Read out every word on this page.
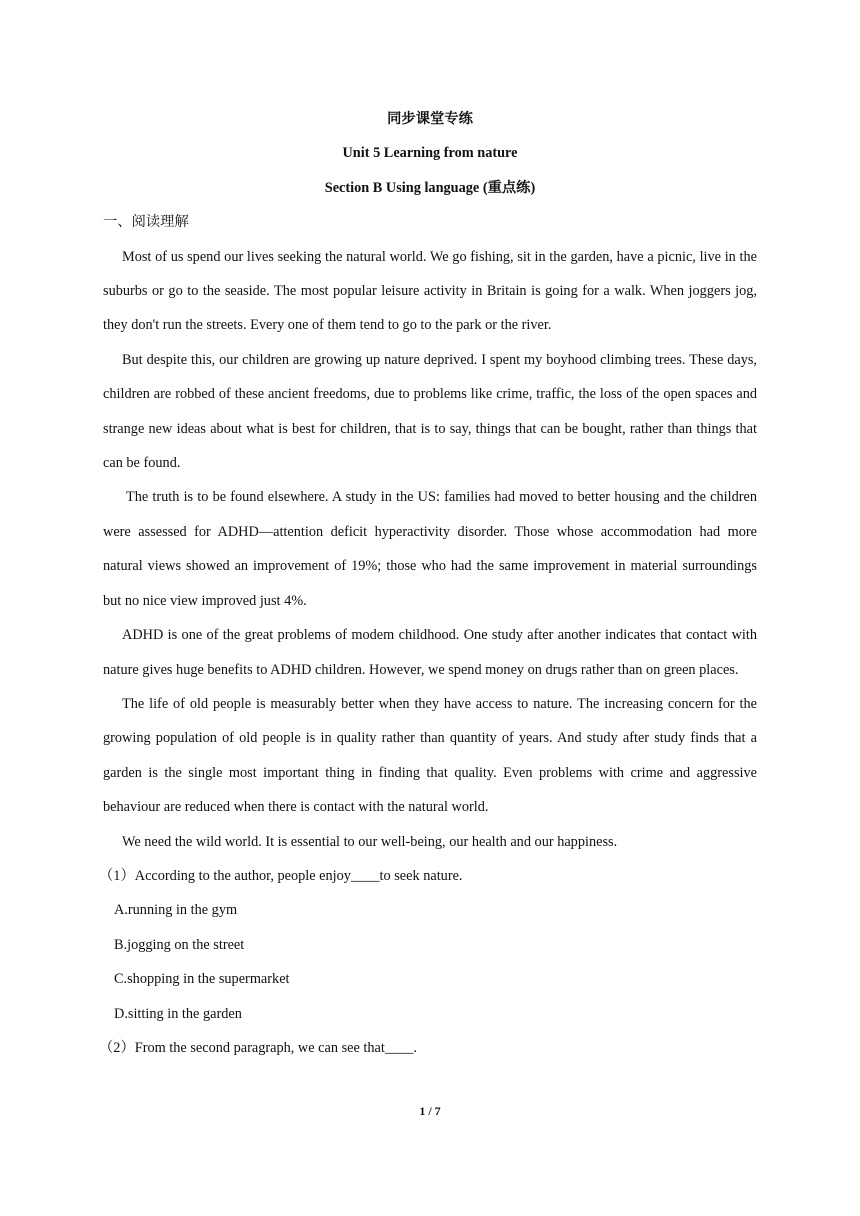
同步课堂专练
Unit 5 Learning from nature
Section B Using language (重点练)
一、阅读理解

Most of us spend our lives seeking the natural world. We go fishing, sit in the garden, have a picnic, live in the suburbs or go to the seaside. The most popular leisure activity in Britain is going for a walk. When joggers jog, they don't run the streets. Every one of them tend to go to the park or the river.

But despite this, our children are growing up nature deprived. I spent my boyhood climbing trees. These days, children are robbed of these ancient freedoms, due to problems like crime, traffic, the loss of the open spaces and strange new ideas about what is best for children, that is to say, things that can be bought, rather than things that can be found.

The truth is to be found elsewhere. A study in the US: families had moved to better housing and the children were assessed for ADHD—attention deficit hyperactivity disorder. Those whose accommodation had more natural views showed an improvement of 19%; those who had the same improvement in material surroundings but no nice view improved just 4%.

ADHD is one of the great problems of modem childhood. One study after another indicates that contact with nature gives huge benefits to ADHD children. However, we spend money on drugs rather than on green places.

The life of old people is measurably better when they have access to nature. The increasing concern for the growing population of old people is in quality rather than quantity of years. And study after study finds that a garden is the single most important thing in finding that quality. Even problems with crime and aggressive behaviour are reduced when there is contact with the natural world.

We need the wild world. It is essential to our well-being, our health and our happiness.

（1）According to the author, people enjoy____to seek nature.

A.running in the gym

B.jogging on the street

C.shopping in the supermarket

D.sitting in the garden

（2）From the second paragraph, we can see that____.

1 / 7
